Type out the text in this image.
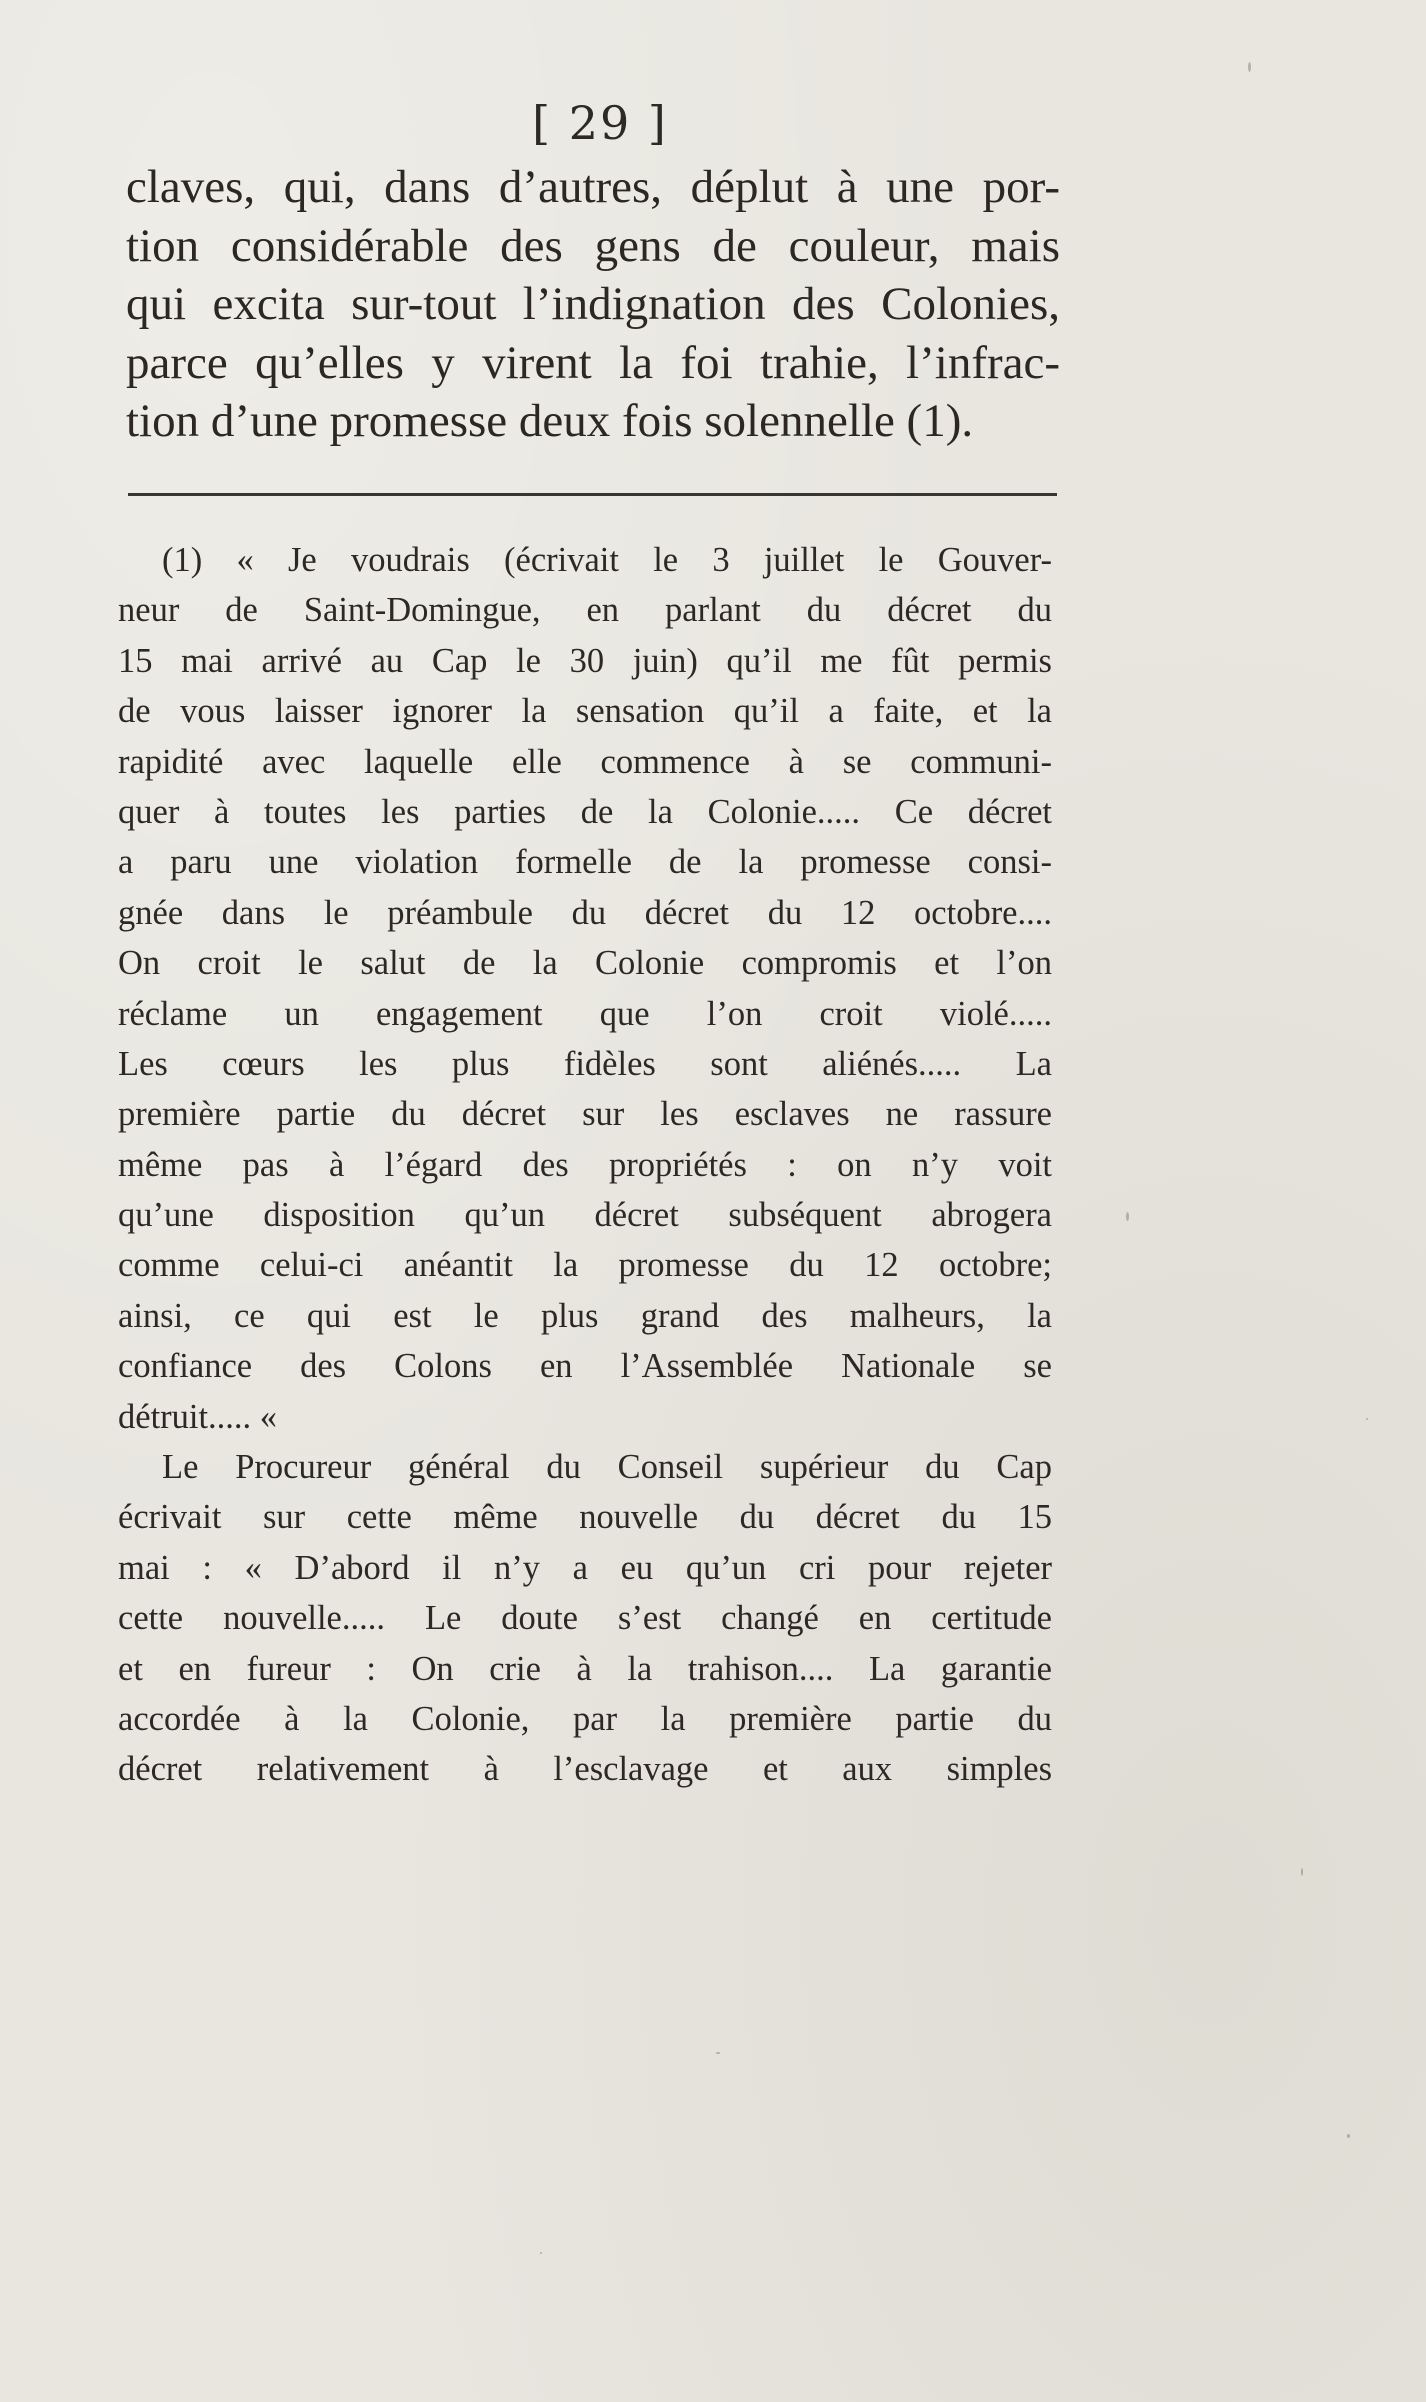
[ 29 ]
claves, qui, dans d’autres, déplut à une por-
tion considérable des gens de couleur, mais
qui excita sur-tout l’indignation des Colonies,
parce qu’elles y virent la foi trahie, l’infrac-
tion d’une promesse deux fois solennelle (1).
(1) « Je voudrais (écrivait le 3 juillet le Gouver-
neur de Saint-Domingue, en parlant du décret du
15 mai arrivé au Cap le 30 juin) qu’il me fût permis
de vous laisser ignorer la sensation qu’il a faite, et la
rapidité avec laquelle elle commence à se communi-
quer à toutes les parties de la Colonie..... Ce décret
a paru une violation formelle de la promesse consi-
gnée dans le préambule du décret du 12 octobre....
On croit le salut de la Colonie compromis et l’on
réclame un engagement que l’on croit violé.....
Les cœurs les plus fidèles sont aliénés..... La
première partie du décret sur les esclaves ne rassure
même pas à l’égard des propriétés : on n’y voit
qu’une disposition qu’un décret subséquent abrogera
comme celui-ci anéantit la promesse du 12 octobre;
ainsi, ce qui est le plus grand des malheurs, la
confiance des Colons en l’Assemblée Nationale se
détruit..... «
Le Procureur général du Conseil supérieur du Cap
écrivait sur cette même nouvelle du décret du 15
mai : « D’abord il n’y a eu qu’un cri pour rejeter
cette nouvelle..... Le doute s’est changé en certitude
et en fureur : On crie à la trahison.... La garantie
accordée à la Colonie, par la première partie du
décret relativement à l’esclavage et aux simples
